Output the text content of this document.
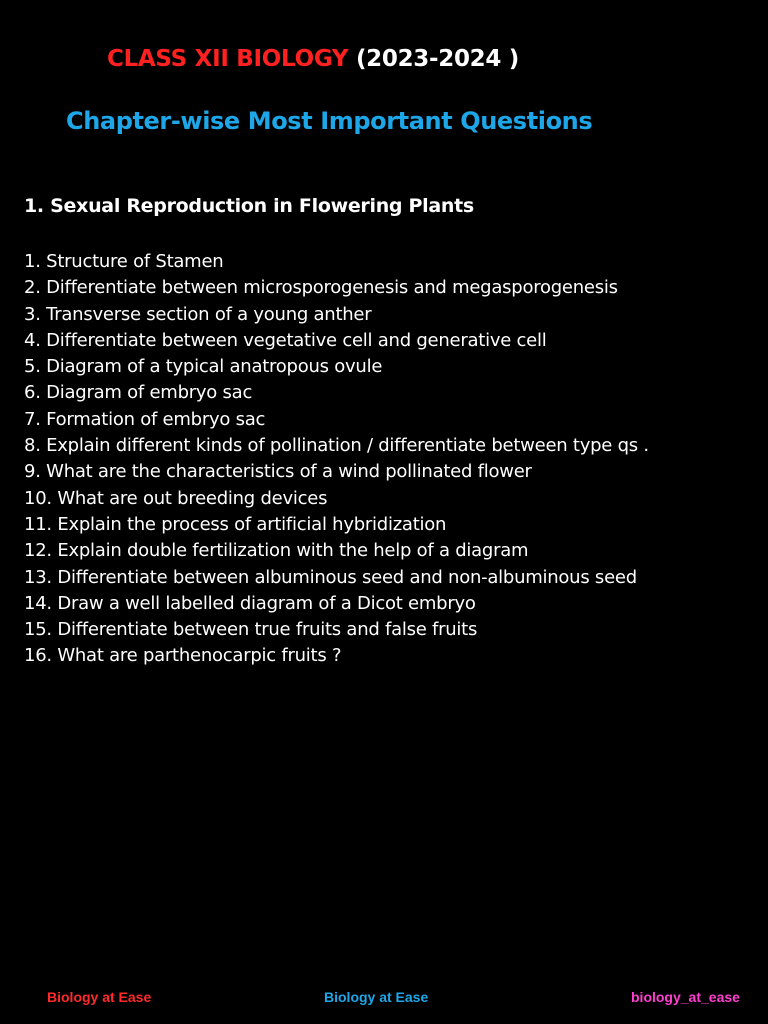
CLASS XII BIOLOGY (2023-2024 )
Chapter-wise Most Important Questions
1. Sexual Reproduction in Flowering Plants
1. Structure of Stamen
2. Differentiate between microsporogenesis and megasporogenesis
3. Transverse section of a young anther
4. Differentiate between vegetative cell and generative cell
5. Diagram of a typical anatropous ovule
6. Diagram of embryo sac
7. Formation of embryo sac
8. Explain different kinds of pollination / differentiate between type qs .
9. What are the characteristics of a wind pollinated flower
10. What are out breeding devices
11. Explain the process of artificial hybridization
12. Explain double fertilization with the help of a diagram
13. Differentiate between albuminous seed and non-albuminous seed
14. Draw a well labelled diagram of a Dicot embryo
15. Differentiate between true fruits and false fruits
16. What are parthenocarpic fruits ?
Biology at Ease	Biology at Ease	biology_at_ease
